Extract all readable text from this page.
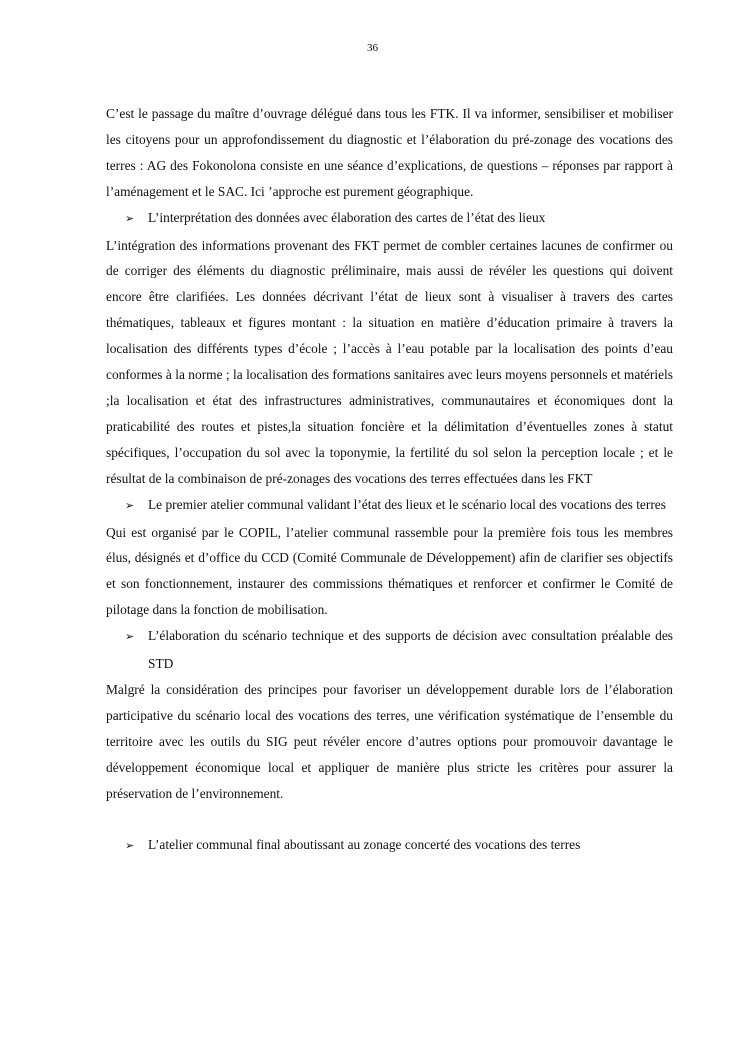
36

C’est le passage du maître d’ouvrage délégué dans tous les FTK. Il va informer, sensibiliser et mobiliser les citoyens pour un approfondissement du diagnostic et l’élaboration du pré-zonage des vocations des terres : AG des Fokonolona consiste en une séance d’explications, de questions – réponses par rapport à l’aménagement et le SAC. Ici ’approche est purement géographique.

➢ L’interprétation des données avec élaboration des cartes de l’état des lieux

L’intégration des informations provenant des FKT permet de combler certaines lacunes de confirmer ou de corriger des éléments du diagnostic préliminaire, mais aussi de révéler les questions qui doivent encore être clarifiées. Les données décrivant l’état de lieux sont à visualiser à travers des cartes thématiques, tableaux et figures montant : la situation en matière d’éducation primaire à travers la localisation des différents types d’école ; l’accès à l’eau potable par la localisation des points d’eau conformes à la norme ; la localisation des formations sanitaires avec leurs moyens personnels et matériels ;la localisation et état des infrastructures administratives, communautaires et économiques dont la praticabilité des routes et pistes,la situation foncière et la délimitation d’éventuelles zones à statut spécifiques, l’occupation du sol avec la toponymie, la fertilité du sol selon la perception locale ; et le résultat de la combinaison de pré-zonages des vocations des terres effectuées dans les FKT

➢ Le premier atelier communal validant l’état des lieux et le scénario local des vocations des terres

Qui est organisé par le COPIL, l’atelier communal rassemble pour la première fois tous les membres élus, désignés et d’office du CCD (Comité Communale de Développement) afin de clarifier ses objectifs et son fonctionnement, instaurer des commissions thématiques et renforcer et confirmer le Comité de pilotage dans la fonction de mobilisation.

➢ L’élaboration du scénario technique et des supports de décision avec consultation préalable des STD

Malgré la considération des principes pour favoriser un développement durable lors de l’élaboration participative du scénario local des vocations des terres, une vérification systématique de l’ensemble du territoire avec les outils du SIG peut révéler encore d’autres options pour promouvoir davantage le développement économique local et appliquer de manière plus stricte les critères pour assurer la préservation de l’environnement.

➢ L’atelier communal final aboutissant au zonage concerté des vocations des terres
